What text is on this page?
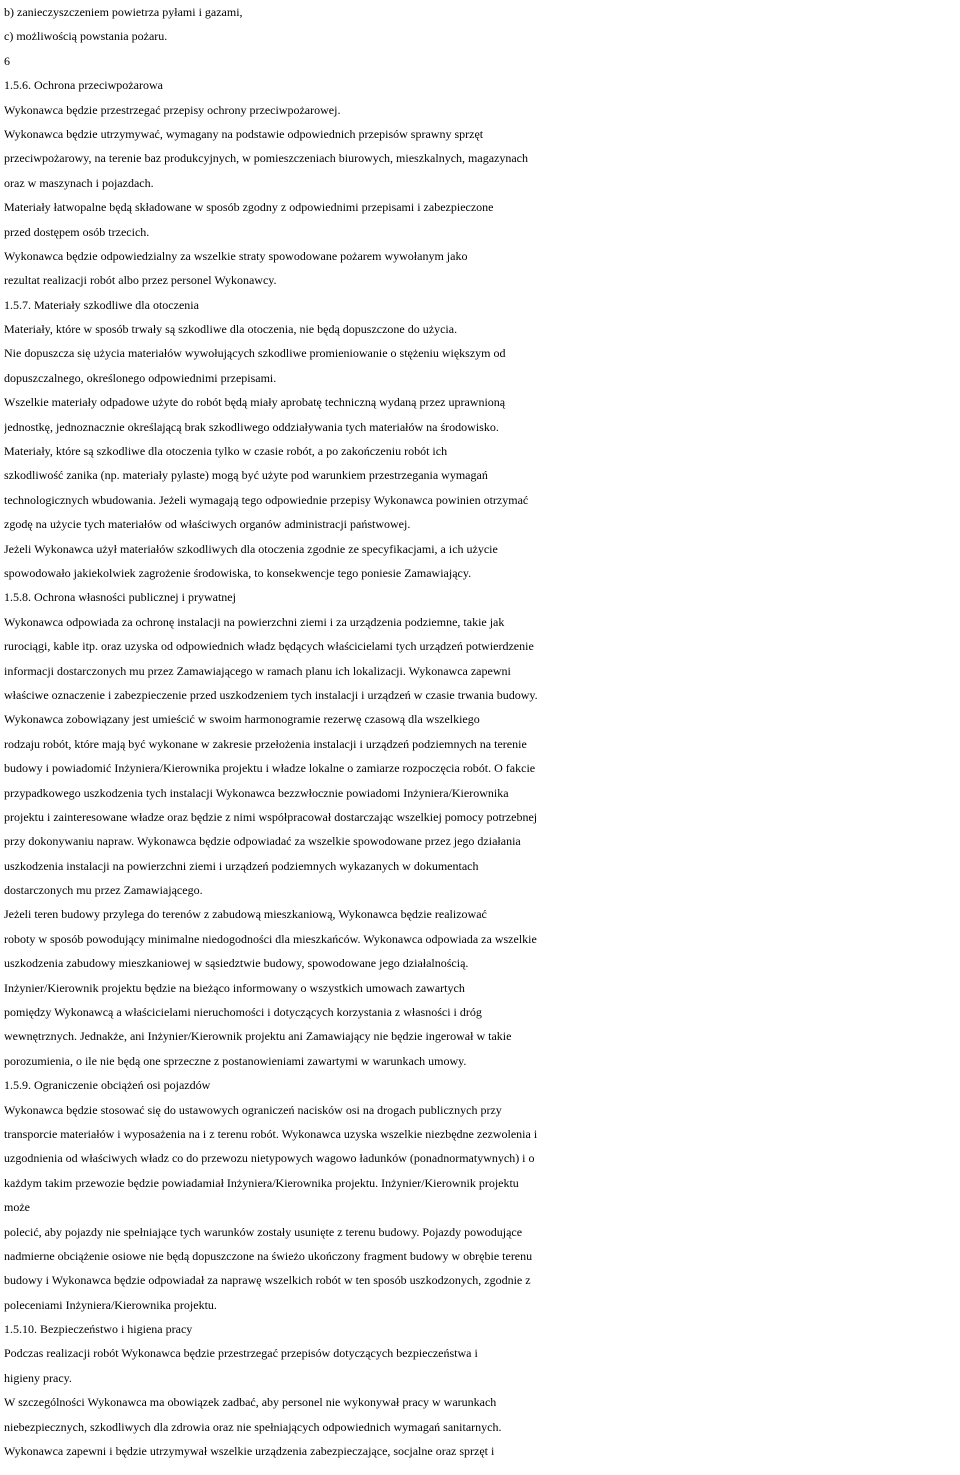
b) zanieczyszczeniem powietrza pyłami i gazami,
c) możliwością powstania pożaru.
6
1.5.6. Ochrona przeciwpożarowa
Wykonawca będzie przestrzegać przepisy ochrony przeciwpożarowej.
Wykonawca będzie utrzymywać, wymagany na podstawie odpowiednich przepisów sprawny sprzęt
przeciwpożarowy, na terenie baz produkcyjnych, w pomieszczeniach biurowych, mieszkalnych, magazynach
oraz w maszynach i pojazdach.
Materiały łatwopalne będą składowane w sposób zgodny z odpowiednimi przepisami i zabezpieczone
przed dostępem osób trzecich.
Wykonawca będzie odpowiedzialny za wszelkie straty spowodowane pożarem wywołanym jako
rezultat realizacji robót albo przez personel Wykonawcy.
1.5.7. Materiały szkodliwe dla otoczenia
Materiały, które w sposób trwały są szkodliwe dla otoczenia, nie będą dopuszczone do użycia.
Nie dopuszcza się użycia materiałów wywołujących szkodliwe promieniowanie o stężeniu większym od
dopuszczalnego, określonego odpowiednimi przepisami.
Wszelkie materiały odpadowe użyte do robót będą miały aprobatę techniczną wydaną przez uprawnioną
jednostkę, jednoznacznie określającą brak szkodliwego oddziaływania tych materiałów na środowisko.
Materiały, które są szkodliwe dla otoczenia tylko w czasie robót, a po zakończeniu robót ich
szkodliwość zanika (np. materiały pylaste) mogą być użyte pod warunkiem przestrzegania wymagań
technologicznych wbudowania. Jeżeli wymagają tego odpowiednie przepisy Wykonawca powinien otrzymać
zgodę na użycie tych materiałów od właściwych organów administracji państwowej.
Jeżeli Wykonawca użył materiałów szkodliwych dla otoczenia zgodnie ze specyfikacjami, a ich użycie
spowodowało jakiekolwiek zagrożenie środowiska, to konsekwencje tego poniesie Zamawiający.
1.5.8. Ochrona własności publicznej i prywatnej
Wykonawca odpowiada za ochronę instalacji na powierzchni ziemi i za urządzenia podziemne, takie jak
rurociągi, kable itp. oraz uzyska od odpowiednich władz będących właścicielami tych urządzeń potwierdzenie
informacji dostarczonych mu przez Zamawiającego w ramach planu ich lokalizacji. Wykonawca zapewni
właściwe oznaczenie i zabezpieczenie przed uszkodzeniem tych instalacji i urządzeń w czasie trwania budowy.
Wykonawca zobowiązany jest umieścić w swoim harmonogramie rezerwę czasową dla wszelkiego
rodzaju robót, które mają być wykonane w zakresie przełożenia instalacji i urządzeń podziemnych na terenie
budowy i powiadomić Inżyniera/Kierownika projektu i władze lokalne o zamiarze rozpoczęcia robót. O fakcie
przypadkowego uszkodzenia tych instalacji Wykonawca bezzwłocznie powiadomi Inżyniera/Kierownika
projektu i zainteresowane władze oraz będzie z nimi współpracował dostarczając wszelkiej pomocy potrzebnej
przy dokonywaniu napraw. Wykonawca będzie odpowiadać za wszelkie spowodowane przez jego działania
uszkodzenia instalacji na powierzchni ziemi i urządzeń podziemnych wykazanych w dokumentach
dostarczonych mu przez Zamawiającego.
Jeżeli teren budowy przylega do terenów z zabudową mieszkaniową, Wykonawca będzie realizować
roboty w sposób powodujący minimalne niedogodności dla mieszkańców. Wykonawca odpowiada za wszelkie
uszkodzenia zabudowy mieszkaniowej w sąsiedztwie budowy, spowodowane jego działalnością.
Inżynier/Kierownik projektu będzie na bieżąco informowany o wszystkich umowach zawartych
pomiędzy Wykonawcą a właścicielami nieruchomości i dotyczących korzystania z własności i dróg
wewnętrznych. Jednakże, ani Inżynier/Kierownik projektu ani Zamawiający nie będzie ingerował w takie
porozumienia, o ile nie będą one sprzeczne z postanowieniami zawartymi w warunkach umowy.
1.5.9. Ograniczenie obciążeń osi pojazdów
Wykonawca będzie stosować się do ustawowych ograniczeń nacisków osi na drogach publicznych przy
transporcie materiałów i wyposażenia na i z terenu robót. Wykonawca uzyska wszelkie niezbędne zezwolenia i
uzgodnienia od właściwych władz co do przewozu nietypowych wagowo ładunków (ponadnormatywnych) i o
każdym takim przewozie będzie powiadamiał Inżyniera/Kierownika projektu. Inżynier/Kierownik projektu
może
polecić, aby pojazdy nie spełniające tych warunków zostały usunięte z terenu budowy. Pojazdy powodujące
nadmierne obciążenie osiowe nie będą dopuszczone na świeżo ukończony fragment budowy w obrębie terenu
budowy i Wykonawca będzie odpowiadał za naprawę wszelkich robót w ten sposób uszkodzonych, zgodnie z
poleceniami Inżyniera/Kierownika projektu.
1.5.10. Bezpieczeństwo i higiena pracy
Podczas realizacji robót Wykonawca będzie przestrzegać przepisów dotyczących bezpieczeństwa i
higieny pracy.
W szczególności Wykonawca ma obowiązek zadbać, aby personel nie wykonywał pracy w warunkach
niebezpiecznych, szkodliwych dla zdrowia oraz nie spełniających odpowiednich wymagań sanitarnych.
Wykonawca zapewni i będzie utrzymywał wszelkie urządzenia zabezpieczające, socjalne oraz sprzęt i
